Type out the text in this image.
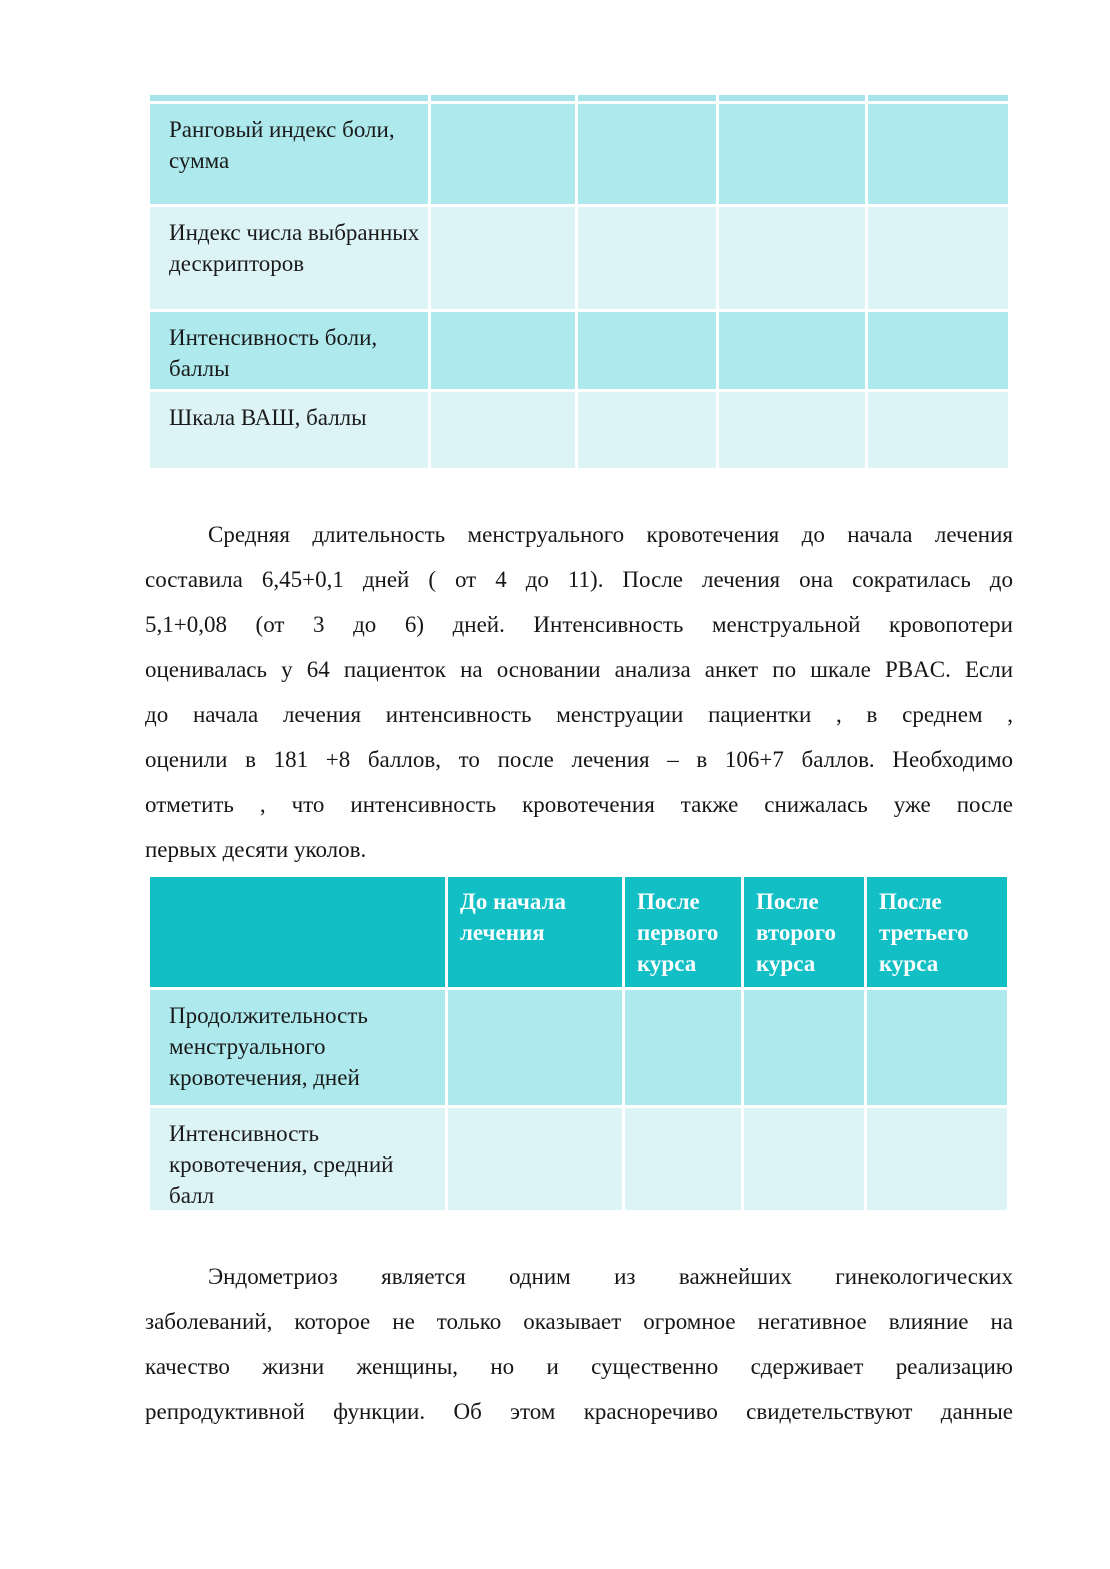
Ранговый индекс боли, сумма
Индекс числа выбранных дескрипторов
Интенсивность боли, баллы
Шкала ВАШ, баллы
Средняя длительность менструального кровотечения до начала лечения
составила 6,45+0,1 дней ( от 4 до 11). После лечения она сократилась до
5,1+0,08 (от 3 до 6) дней. Интенсивность менструальной кровопотери
оценивалась у 64 пациенток на основании анализа анкет по шкале PBAC. Если
до начала лечения интенсивность менструации пациентки , в среднем ,
оценили в 181 +8 баллов, то после лечения – в 106+7 баллов. Необходимо
отметить , что интенсивность кровотечения также снижалась уже после
первых десяти уколов.
До начала лечения
После первого курса
После второго курса
После третьего курса
Продолжительность менструального кровотечения, дней
Интенсивность кровотечения, средний балл
Эндометриоз является одним из важнейших гинекологических
заболеваний, которое не только оказывает огромное негативное влияние на
качество жизни женщины, но и существенно сдерживает реализацию
репродуктивной функции. Об этом красноречиво свидетельствуют данные
